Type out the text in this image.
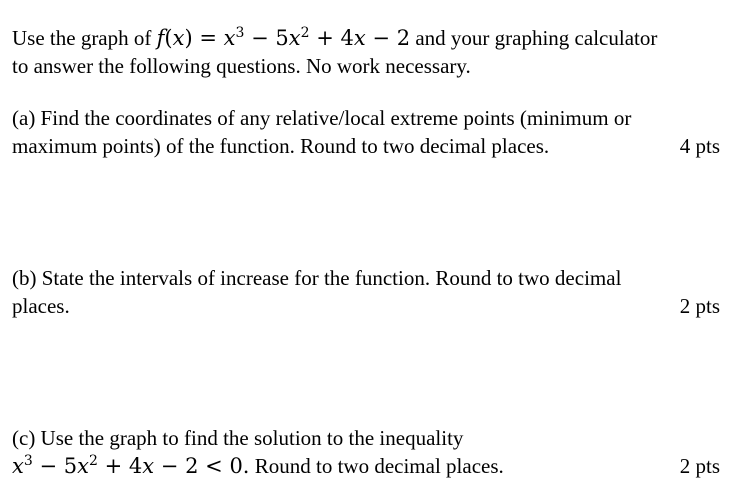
Use the graph of $f(x) = x^3 - 5x^2 + 4x - 2$ and your graphing calculator
to answer the following questions. No work necessary.
(a) Find the coordinates of any relative/local extreme points (minimum or
maximum points) of the function. Round to two decimal places.	4 pts
(b) State the intervals of increase for the function. Round to two decimal
places.	2 pts
(c) Use the graph to find the solution to the inequality
$x^3 - 5x^2 + 4x - 2 < 0$. Round to two decimal places.	2 pts
